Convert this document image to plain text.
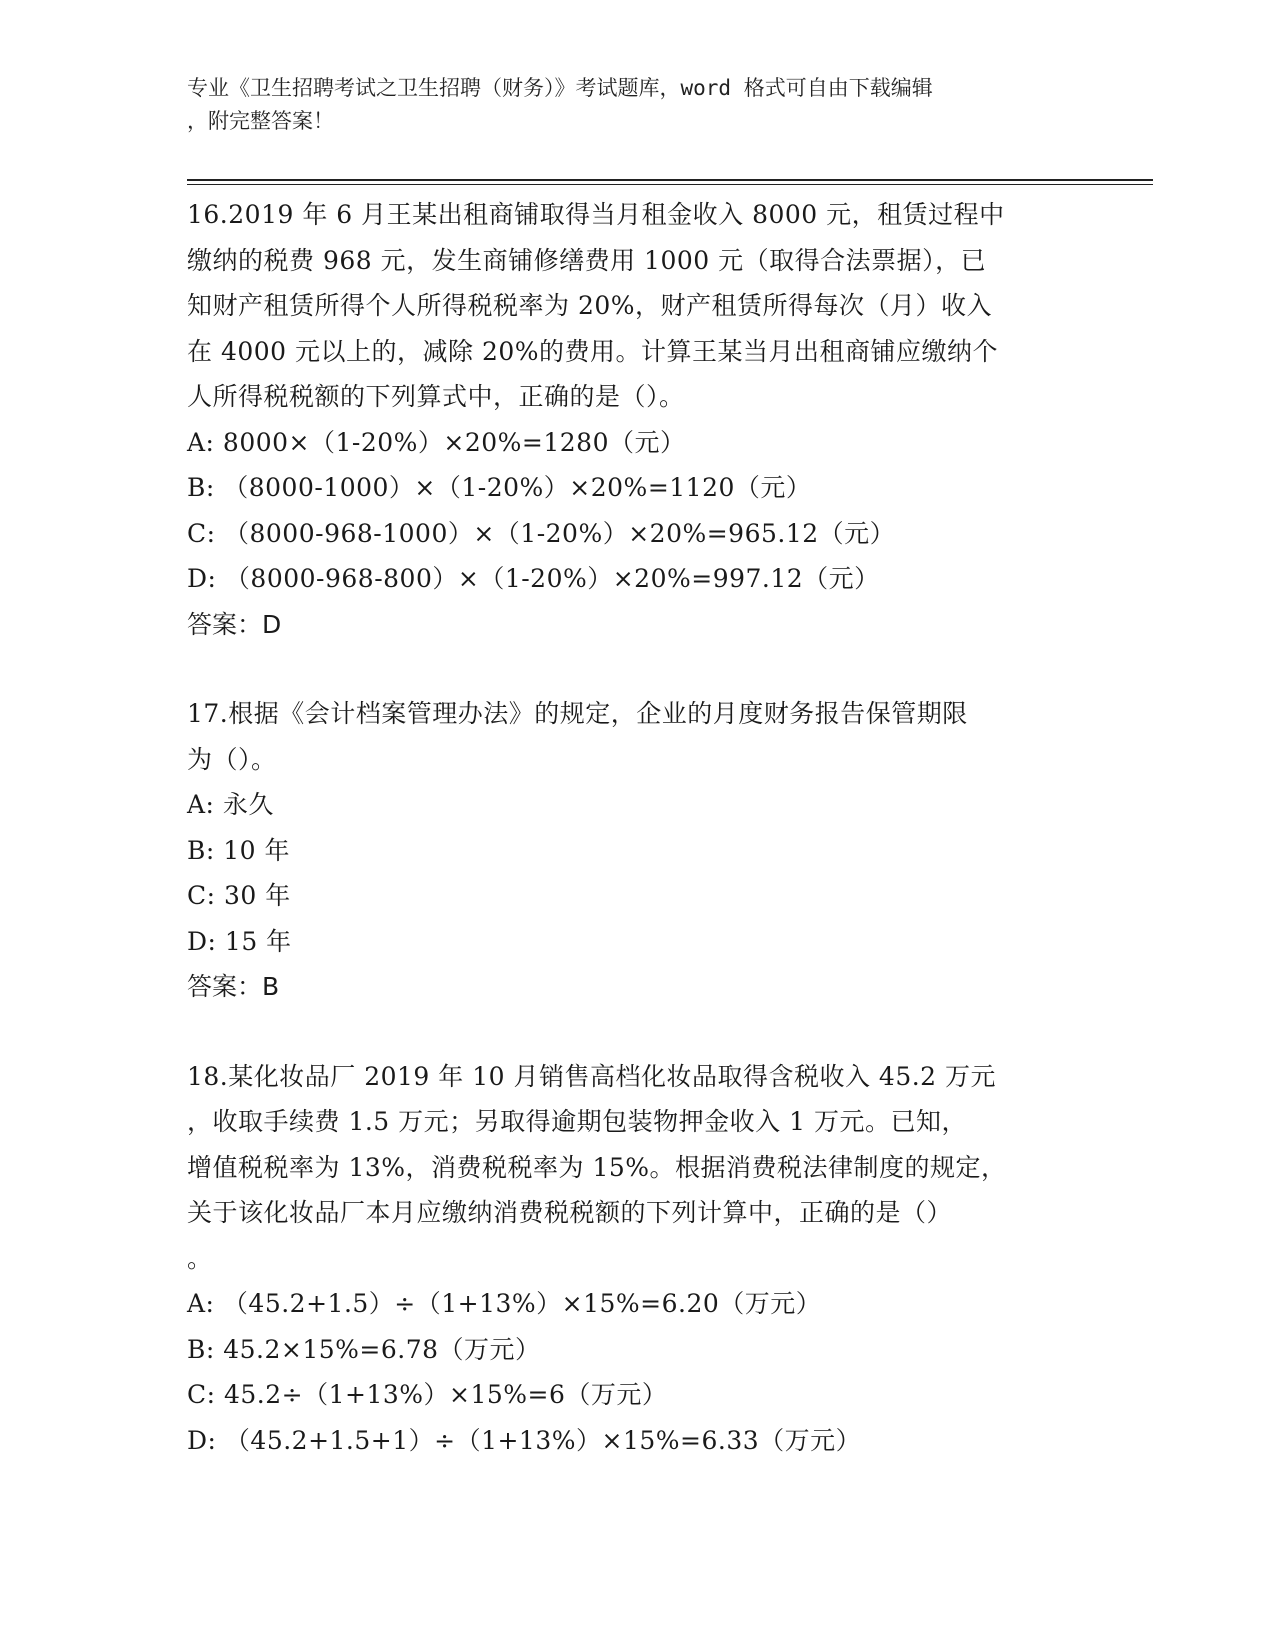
专业《卫生招聘考试之卫生招聘（财务）》考试题库，word 格式可自由下载编辑
，附完整答案！
16.2019 年 6 月王某出租商铺取得当月租金收入 8000 元，租赁过程中
缴纳的税费 968 元，发生商铺修缮费用 1000 元（取得合法票据），已
知财产租赁所得个人所得税税率为 20%，财产租赁所得每次（月）收入
在 4000 元以上的，减除 20%的费用。计算王某当月出租商铺应缴纳个
人所得税税额的下列算式中，正确的是（）。
A: 8000×（1-20%）×20%=1280（元）
B: （8000-1000）×（1-20%）×20%=1120（元）
C: （8000-968-1000）×（1-20%）×20%=965.12（元）
D: （8000-968-800）×（1-20%）×20%=997.12（元）
答案：D
17.根据《会计档案管理办法》的规定，企业的月度财务报告保管期限
为（）。
A: 永久
B: 10 年
C: 30 年
D: 15 年
答案：B
18.某化妆品厂 2019 年 10 月销售高档化妆品取得含税收入 45.2 万元
，收取手续费 1.5 万元；另取得逾期包装物押金收入 1 万元。已知，
增值税税率为 13%，消费税税率为 15%。根据消费税法律制度的规定，
关于该化妆品厂本月应缴纳消费税税额的下列计算中，正确的是（）
。
A: （45.2+1.5）÷（1+13%）×15%=6.20（万元）
B: 45.2×15%=6.78（万元）
C: 45.2÷（1+13%）×15%=6（万元）
D: （45.2+1.5+1）÷（1+13%）×15%=6.33（万元）
